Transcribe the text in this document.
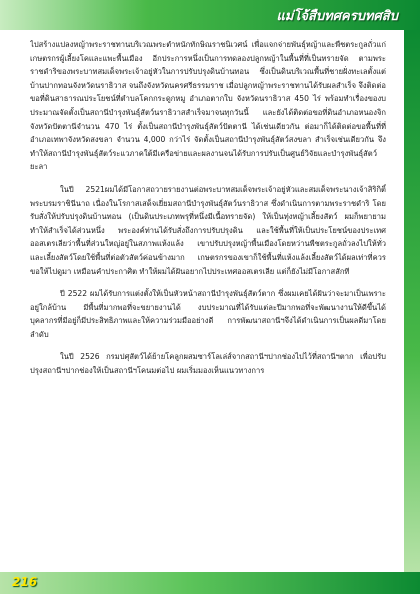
แม่โจ้สืบทศครบทศสิบ

ไปสร้างแปลงหญ้าพระราชทานบริเวณพระตำหนักทักษิณราชนิเวศน์ เพื่อแจกจ่ายพันธุ์หญ้าและพืชตระกูลถั่วแก่เกษตรกรผู้เลี้ยงโคและแพะพื้นเมือง อีกประการหนึ่งเป็นการทดลองปลูกหญ้าในพื้นที่ที่เป็นทรายจัด ตามพระราชดำริของพระบาทสมเด็จพระเจ้าอยู่หัวในการปรับปรุงดินบ้านทอน ซึ่งเป็นดินบริเวณพื้นที่ชายฝั่งทะเลตั้งแต่บ้านปากทอนจังหวัดนราธิวาส จนถึงจังหวัดนครศรีธรรมราช เมื่อปลูกหญ้าพระราชทานได้รับผลสำเร็จ จึงติดต่อขอที่ดินสาธารณประโยชน์ที่ตำบลโคกกระดูกหมู อำเภอตากใบ จังหวัดนราธิวาส 450 ไร่ พร้อมทำเรื่องของบประมาณจัดตั้งเป็นสถานีบำรุงพันธุ์สัตว์นราธิวาสสำเร็จมาจนทุกวันนี้ และยังได้ติดต่อขอที่ดินอำเภอหนองจิก จังหวัดปัตตานีจำนวน 470 ไร่ ตั้งเป็นสถานีบำรุงพันธุ์สัตว์ปัตตานี ได้เช่นเดียวกัน ต่อมาก็ได้ติดต่อขอพื้นที่ที่อำเภอเทพาจังหวัดสงขลา จำนวน 4,000 กว่าไร่ จัดตั้งเป็นสถานีบำรุงพันธุ์สัตว์สงขลา สำเร็จเช่นเดียวกัน จึงทำให้สถานีบำรุงพันธุ์สัตว์ระแวภาคใต้มีเครือข่ายและผลงานจนได้รับการปรับเป็นศูนย์วิจัยและบำรุงพันธุ์สัตว์ยะลา

ในปี 2521ผมได้มีโอกาสถวายรายงานต่อพระบาทสมเด็จพระเจ้าอยู่หัวและสมเด็จพระนางเจ้าสิริกิติ์พระบรมราชินีนาถ เนื่องในโรกาสเสด็จเยี่ยมสถานีบำรุงพันธุ์สัตว์นราธิวาส ซึ่งดำเนินการตามพระราชดำริ โดยรับสั่งให้ปรับปรุงดินบ้านทอน (เป็นดินประเภทพรุที่หนึ่งมีเนื้อทรายจัด) ให้เป็นทุ่งหญ้าเลี้ยงสัตว์ ผมก็พยายามทำให้สำเร็จได้ส่วนหนึ่ง พระองค์ท่านได้รับสั่งถึงการปรับปรุงดิน และใช้พื้นที่ให้เป็นประโยชน์ของประเทศออสเตรเลียว่าพื้นที่ส่วนใหญ่อยู่ในสภาพแห้งแล้ง เขาปรับปรุงหญ้าพื้นเมืองโดยหว่านพืชตระกูลถั่วลงไปให้ทั่ว และเลี้ยงสัตว์โดยใช้พื้นที่ต่อตัวสัตว์ค่อนข้างมาก เกษตรกรของเขาก็ใช้พื้นที่แห้งแล้งเลี้ยงสัตว์ได้ผลเท่าที่ควร ขอให้ไปดูมา เหมือนคำประกาศิต ทำให้ผมได้ฝันอยากไปประเทศออสเตรเลีย แต่ก็ยังไม่มีโอกาสสักที

ปี 2522 ผมได้รับการแต่งตั้งให้เป็นหัวหน้าสถานีบำรุงพันธุ์สัตว์ตาก ซึ่งผมเคยได้ฝันว่าจะมาเป็นเพราะอยู่ใกล้บ้าน มีพื้นที่มากพอที่จะขยายงานได้ งบประมาณที่ได้รับแต่ละปีมากพอที่จะพัฒนางานให้ดีขึ้นได้ บุคลากรที่มีอยู่ก็มีประสิทธิภาพและให้ความร่วมมืออย่างดี การพัฒนาสถานีฯจึงได้ดำเนินการเป็นผลดีมาโดยลำดับ

ในปี 2526 กรมปศุสัตว์ได้ย้ายโคลูกผสมซาร์โลเล่ส์จากสถานีฯปากช่องไปไว้ที่สถานีฯตาก เพื่อปรับปรุงสถานีฯปากช่องให้เป็นสถานีฯโคนมต่อไป ผมเริ่มมองเห็นแนวทางการ

216
